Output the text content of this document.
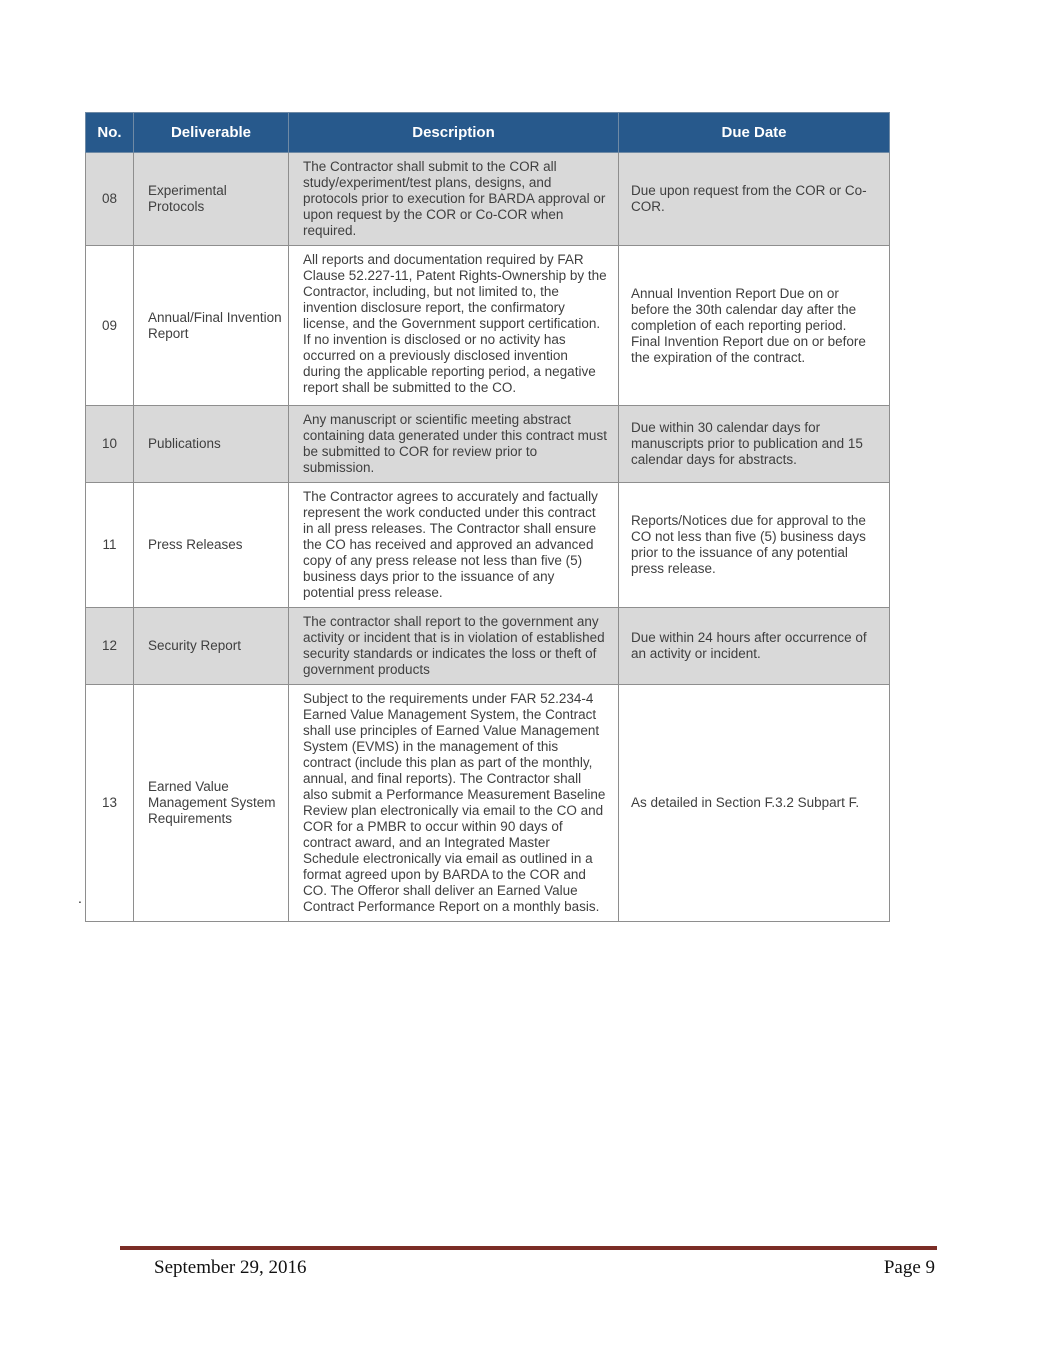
No.	Deliverable	Description	Due Date
08	Experimental Protocols	The Contractor shall submit to the COR all study/experiment/test plans, designs, and protocols prior to execution for BARDA approval or upon request by the COR or Co-COR when required.	Due upon request from the COR or Co-COR.
09	Annual/Final Invention Report	All reports and documentation required by FAR Clause 52.227-11, Patent Rights-Ownership by the Contractor, including, but not limited to, the invention disclosure report, the confirmatory license, and the Government support certification. If no invention is disclosed or no activity has occurred on a previously disclosed invention during the applicable reporting period, a negative report shall be submitted to the CO.	Annual Invention Report Due on or before the 30th calendar day after the completion of each reporting period. Final Invention Report due on or before the expiration of the contract.
10	Publications	Any manuscript or scientific meeting abstract containing data generated under this contract must be submitted to COR for review prior to submission.	Due within 30 calendar days for manuscripts prior to publication and 15 calendar days for abstracts.
11	Press Releases	The Contractor agrees to accurately and factually represent the work conducted under this contract in all press releases. The Contractor shall ensure the CO has received and approved an advanced copy of any press release not less than five (5) business days prior to the issuance of any potential press release.	Reports/Notices due for approval to the CO not less than five (5) business days prior to the issuance of any potential press release.
12	Security Report	The contractor shall report to the government any activity or incident that is in violation of established security standards or indicates the loss or theft of government products	Due within 24 hours after occurrence of an activity or incident.
13	Earned Value Management System Requirements	Subject to the requirements under FAR 52.234-4 Earned Value Management System, the Contract shall use principles of Earned Value Management System (EVMS) in the management of this contract (include this plan as part of the monthly, annual, and final reports). The Contractor shall also submit a Performance Measurement Baseline Review plan electronically via email to the CO and COR for a PMBR to occur within 90 days of contract award, and an Integrated Master Schedule electronically via email as outlined in a format agreed upon by BARDA to the COR and CO. The Offeror shall deliver an Earned Value Contract Performance Report on a monthly basis.	As detailed in Section F.3.2 Subpart F.
.
September 29, 2016	Page 9
